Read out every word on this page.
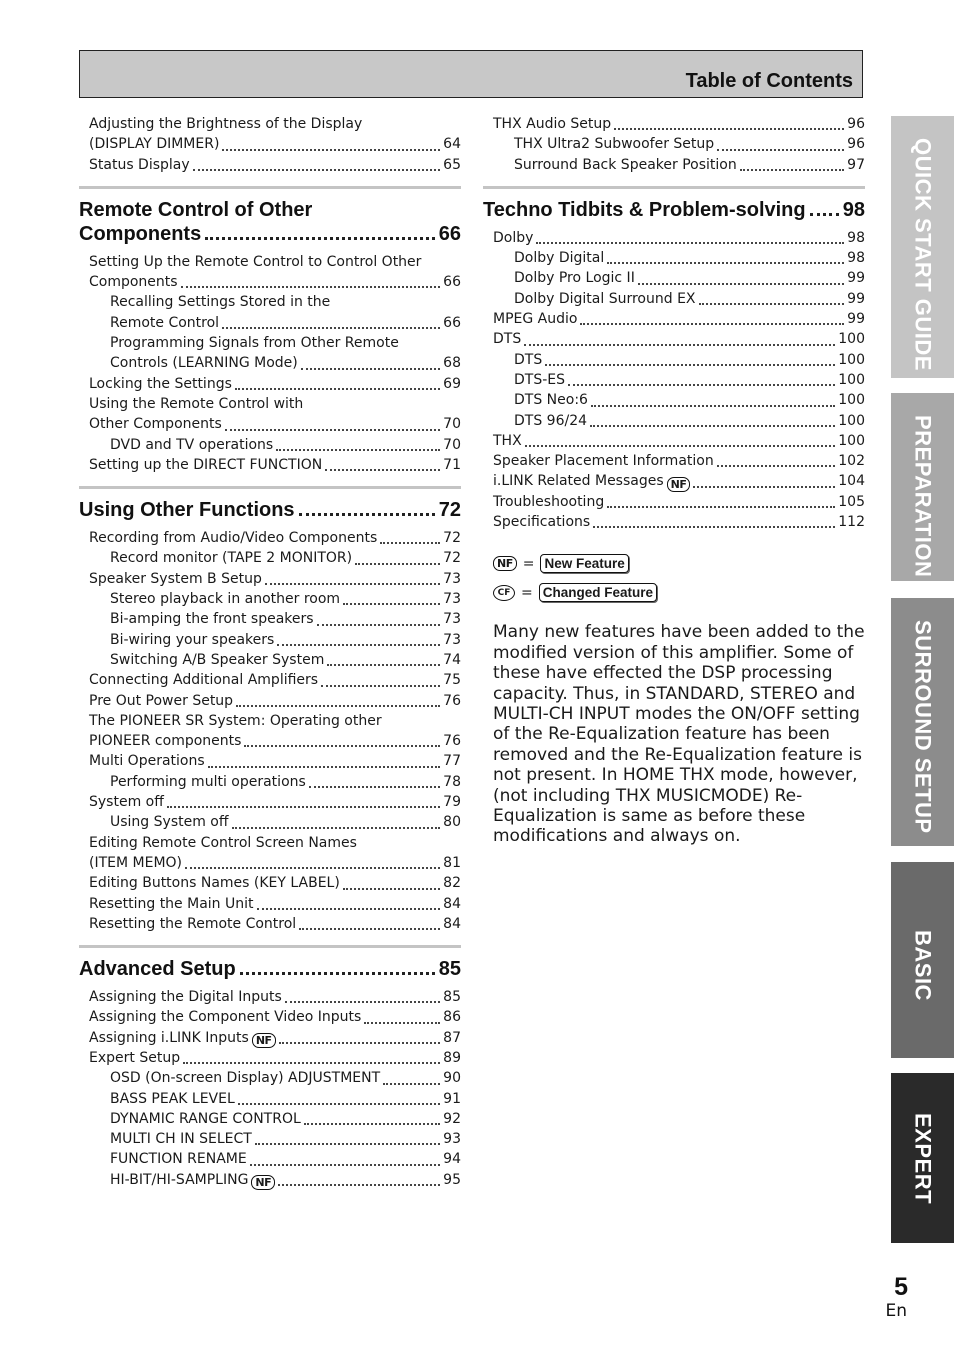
Table of Contents
Adjusting the Brightness of the Display
(DISPLAY DIMMER)	64
Status Display	65
Remote Control of Other
Components	66
Setting Up the Remote Control to Control Other
Components	66
Recalling Settings Stored in the
Remote Control	66
Programming Signals from Other Remote
Controls (LEARNING Mode)	68
Locking the Settings	69
Using the Remote Control with
Other Components	70
DVD and TV operations	70
Setting up the DIRECT FUNCTION	71
Using Other Functions	72
Recording from Audio/Video Components	72
Record monitor (TAPE 2 MONITOR)	72
Speaker System B Setup	73
Stereo playback in another room	73
Bi-amping the front speakers	73
Bi-wiring your speakers	73
Switching A/B Speaker System	74
Connecting Additional Amplifiers	75
Pre Out Power Setup	76
The PIONEER SR System: Operating other
PIONEER components	76
Multi Operations	77
Performing multi operations	78
System off	79
Using System off	80
Editing Remote Control Screen Names
(ITEM MEMO)	81
Editing Buttons Names (KEY LABEL)	82
Resetting the Main Unit	84
Resetting the Remote Control	84
Advanced Setup	85
Assigning the Digital Inputs	85
Assigning the Component Video Inputs	86
Assigning i.LINK Inputs NF	87
Expert Setup	89
OSD (On-screen Display) ADJUSTMENT	90
BASS PEAK LEVEL	91
DYNAMIC RANGE CONTROL	92
MULTI CH IN SELECT	93
FUNCTION RENAME	94
HI-BIT/HI-SAMPLING NF	95
THX Audio Setup	96
THX Ultra2 Subwoofer Setup	96
Surround Back Speaker Position	97
Techno Tidbits & Problem-solving 98
Dolby	98
Dolby Digital	98
Dolby Pro Logic II	99
Dolby Digital Surround EX	99
MPEG Audio	99
DTS	100
DTS	100
DTS-ES	100
DTS Neo:6	100
DTS 96/24	100
THX	100
Speaker Placement Information	102
i.LINK Related Messages NF	104
Troubleshooting	105
Specifications	112
NF = New Feature
CF = Changed Feature
Many new features have been added to the modified version of this amplifier. Some of these have effected the DSP processing capacity. Thus, in STANDARD, STEREO and MULTI-CH INPUT modes the ON/OFF setting of the Re-Equalization feature has been removed and the Re-Equalization feature is not present. In HOME THX mode, however, (not including THX MUSICMODE) Re-Equalization is same as before these modifications and always on.
QUICK START GUIDE
PREPARATION
SURROUND SETUP
BASIC
EXPERT
5
En
